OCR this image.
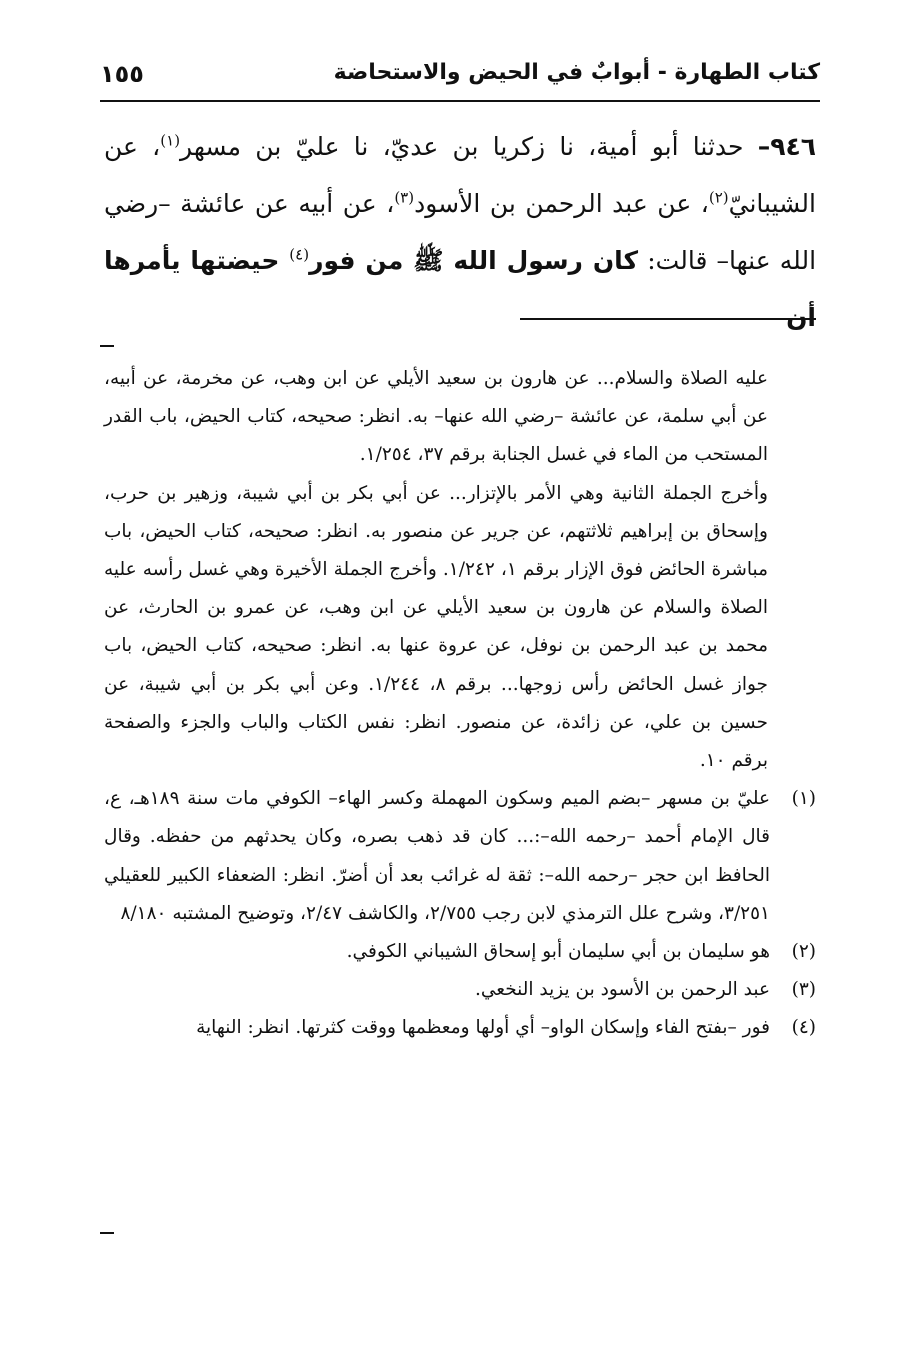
كتاب الطهارة - أبوابٌ في الحيض والاستحاضة
١٥٥
٩٤٦– حدثنا أبو أمية، نا زكريا بن عديّ، نا عليّ بن مسهر$^{(١)}$، عن الشيبانيّ$^{(٢)}$، عن عبد الرحمن بن الأسود$^{(٣)}$، عن أبيه عن عائشة –رضي الله عنها– قالت: كان رسول الله ﷺ من فور$^{(٤)}$ حيضتها يأمرها أن
عليه الصلاة والسلام... عن هارون بن سعيد الأيلي عن ابن وهب، عن مخرمة، عن أبيه، عن أبي سلمة، عن عائشة –رضي الله عنها– به. انظر: صحيحه، كتاب الحيض، باب القدر المستحب من الماء في غسل الجنابة برقم ٣٧، ١/٢٥٤.
وأخرج الجملة الثانية وهي الأمر بالإتزار... عن أبي بكر بن أبي شيبة، وزهير بن حرب، وإسحاق بن إبراهيم ثلاثتهم، عن جرير عن منصور به. انظر: صحيحه، كتاب الحيض، باب مباشرة الحائض فوق الإزار برقم ١، ١/٢٤٢. وأخرج الجملة الأخيرة وهي غسل رأسه عليه الصلاة والسلام عن هارون بن سعيد الأيلي عن ابن وهب، عن عمرو بن الحارث، عن محمد بن عبد الرحمن بن نوفل، عن عروة عنها به. انظر: صحيحه، كتاب الحيض، باب جواز غسل الحائض رأس زوجها... برقم ٨، ١/٢٤٤. وعن أبي بكر بن أبي شيبة، عن حسين بن علي، عن زائدة، عن منصور. انظر: نفس الكتاب والباب والجزء والصفحة برقم ١٠.
(١)
عليّ بن مسهر –بضم الميم وسكون المهملة وكسر الهاء– الكوفي مات سنة ١٨٩هـ، ع، قال الإمام أحمد –رحمه الله–:... كان قد ذهب بصره، وكان يحدثهم من حفظه. وقال الحافظ ابن حجر –رحمه الله–: ثقة له غرائب بعد أن أضرّ. انظر: الضعفاء الكبير للعقيلي ٣/٢٥١، وشرح علل الترمذي لابن رجب ٢/٧٥٥، والكاشف ٢/٤٧، وتوضيح المشتبه ٨/١٨٠
(٢)
هو سليمان بن أبي سليمان أبو إسحاق الشيباني الكوفي.
(٣)
عبد الرحمن بن الأسود بن يزيد النخعي.
(٤)
فور –بفتح الفاء وإسكان الواو– أي أولها ومعظمها ووقت كثرتها. انظر: النهاية
